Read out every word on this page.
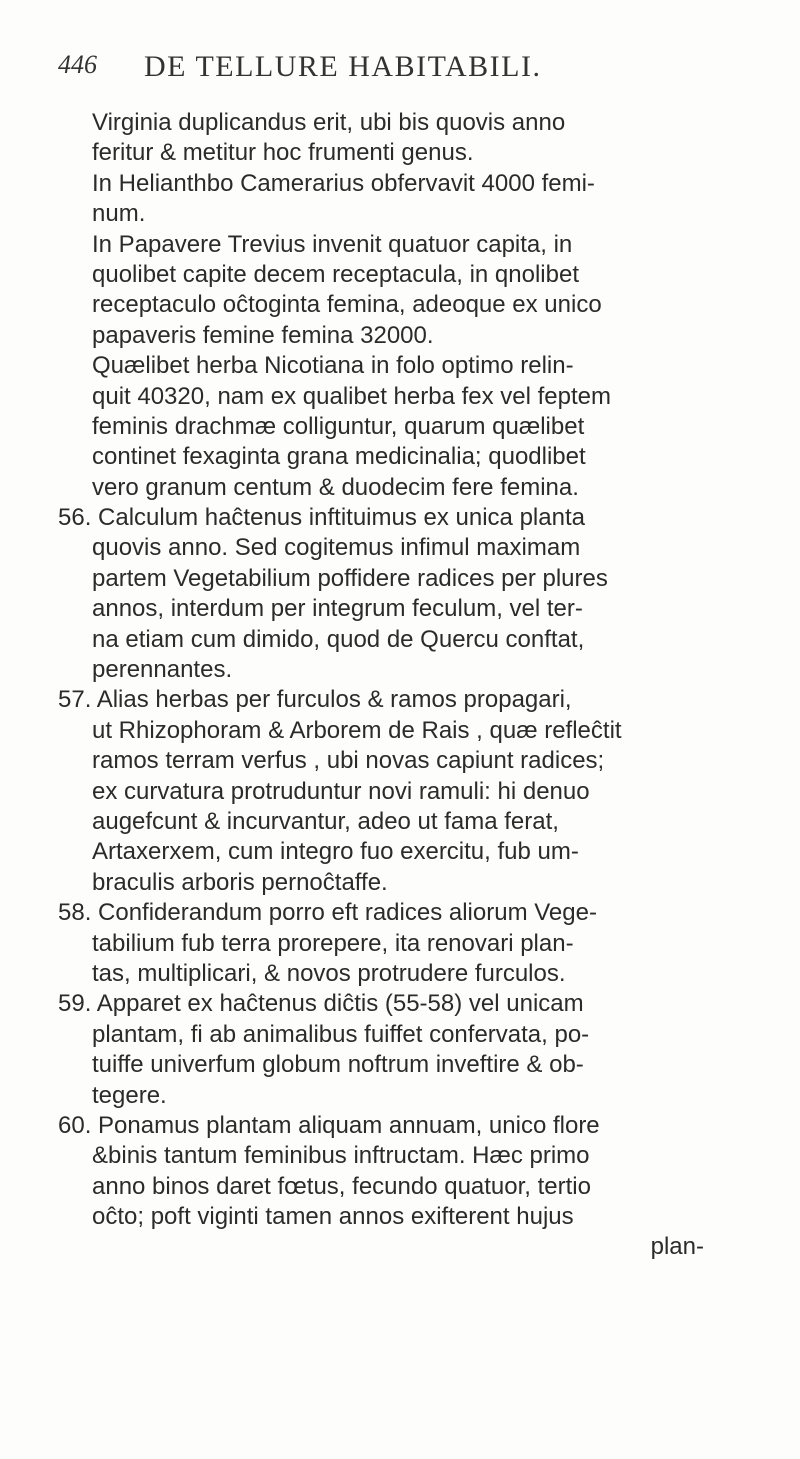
446 DE TELLURE HABITABILI.
Virginia duplicandus erit, ubi bis quovis anno
feritur & metitur hoc frumenti genus.
In Helianthbo Camerarius obfervavit 4000 femi-
num.
In Papavere Trevius invenit quatuor capita, in
quolibet capite decem receptacula, in qnolibet
receptaculo oĉtoginta femina, adeoque ex unico
papaveris femine femina 32000.
Quælibet herba Nicotiana in folo optimo relin-
quit 40320, nam ex qualibet herba fex vel feptem
feminis drachmæ colliguntur, quarum quælibet
continet fexaginta grana medicinalia; quodlibet
vero granum centum & duodecim fere femina.
56. Calculum haĉtenus inftituimus ex unica planta
quovis anno. Sed cogitemus infimul maximam
partem Vegetabilium poffidere radices per plures
annos, interdum per integrum feculum, vel ter-
na etiam cum dimido, quod de Quercu conftat,
perennantes.
57. Alias herbas per furculos & ramos propagari,
ut Rhizophoram & Arborem de Rais , quæ refleĉtit
ramos terram verfus , ubi novas capiunt radices;
ex curvatura protruduntur novi ramuli: hi denuo
augefcunt & incurvantur, adeo ut fama ferat,
Artaxerxem, cum integro fuo exercitu, fub um-
braculis arboris pernoĉtaffe.
58. Confiderandum porro eft radices aliorum Vege-
tabilium fub terra prorepere, ita renovari plan-
tas, multiplicari, & novos protrudere furculos.
59. Apparet ex haĉtenus diĉtis (55-58) vel unicam
plantam, fi ab animalibus fuiffet confervata, po-
tuiffe univerfum globum noftrum inveftire & ob-
tegere.
60. Ponamus plantam aliquam annuam, unico flore
&binis tantum feminibus inftructam. Hæc primo
anno binos daret fœtus, fecundo quatuor, tertio
oĉto; poft viginti tamen annos exifterent hujus
plan-
